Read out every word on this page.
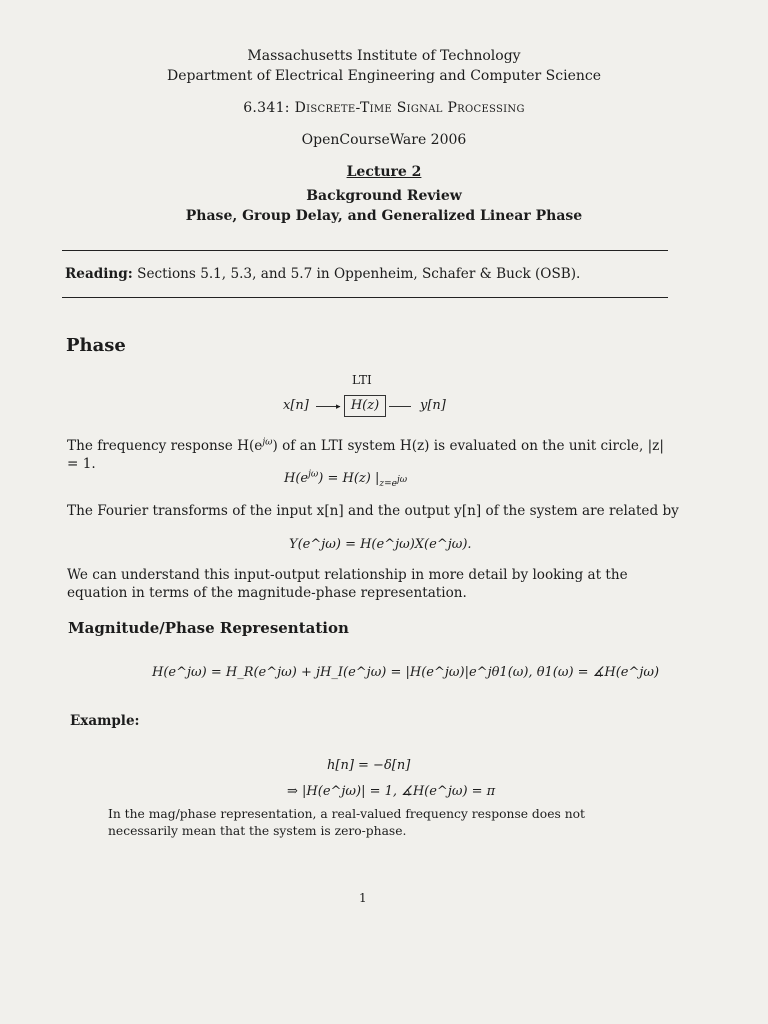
Massachusetts Institute of Technology
Department of Electrical Engineering and Computer Science
6.341: Discrete-Time Signal Processing
OpenCourseWare 2006
Lecture 2
Background Review
Phase, Group Delay, and Generalized Linear Phase
Reading: Sections 5.1, 5.3, and 5.7 in Oppenheim, Schafer & Buck (OSB).
Phase
LTI
x[n]	▸ H(z)	y[n]
The frequency response $H(e^{j\omega})$ of an LTI system H(z) is evaluated on the unit circle, |z| = 1.
$H(e^{j\omega}) = H(z)$ $|_{z=e^{j\omega}}$
The Fourier transforms of the input x[n] and the output y[n] of the system are related by
Y(e^jω) = H(e^jω)X(e^jω).
We can understand this input-output relationship in more detail by looking at the equation in terms of the magnitude-phase representation.
Magnitude/Phase Representation
H(e^jω) = H_R(e^jω) + jH_I(e^jω) = |H(e^jω)|e^jθ1(ω), θ1(ω) = ∡H(e^jω)
Example:
h[n] = −δ[n]
⇒ |H(e^jω)| = 1, ∡H(e^jω) = π
In the mag/phase representation, a real-valued frequency response does not necessarily mean that the system is zero-phase.
1
